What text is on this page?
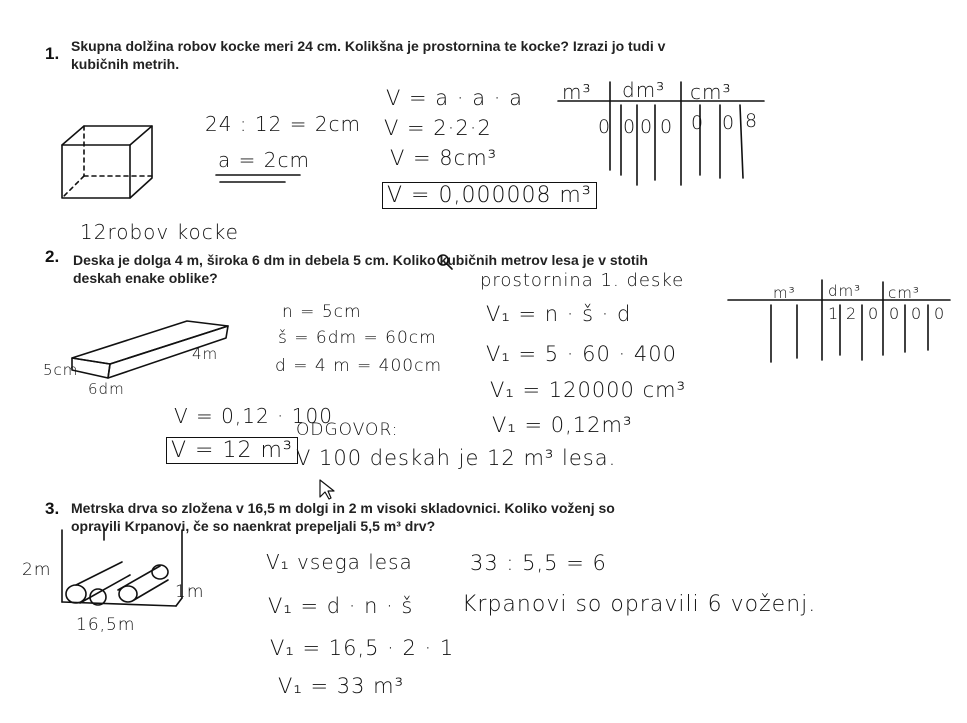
1. Skupna dolžina robov kocke meri 24 cm. Kolikšna je prostornina te kocke? Izrazi jo tudi v kubičnih metrih.
2. Deska je dolga 4 m, široka 6 dm in debela 5 cm. Koliko kubičnih metrov lesa je v stotih deskah enake oblike?
3. Metrska drva so zložena v 16,5 m dolgi in 2 m visoki skladovnici. Koliko voženj so opravili Krpanovi, če so naenkrat prepeljali 5,5 m³ drv?
24 : 12 = 2cm
a = 2cm
12robov kocke
V = a · a · a
V = 2·2·2
V = 8cm³
V = 0,000008 m³
m³ dm³ cm³
0 0 0 0 0 0 8
n = 5cm
š = 6dm = 60cm
d = 4 m = 400cm
5cm
6dm
4m
prostornina 1. deske
V₁ = n · š · d
V₁ = 5 · 60 · 400
V₁ = 120000 cm³
V₁ = 0,12m³
V = 0,12 · 100
V = 12 m³
ODGOVOR:
V 100 deskah je 12 m³ lesa.
m³ dm³ cm³
1 2 0 0 0 0
2m
1m
16,5m
V₁ vsega lesa
V₁ = d · n · š
V₁ = 16,5 · 2 · 1
V₁ = 33 m³
33 : 5,5 = 6
Krpanovi so opravili 6 voženj.
